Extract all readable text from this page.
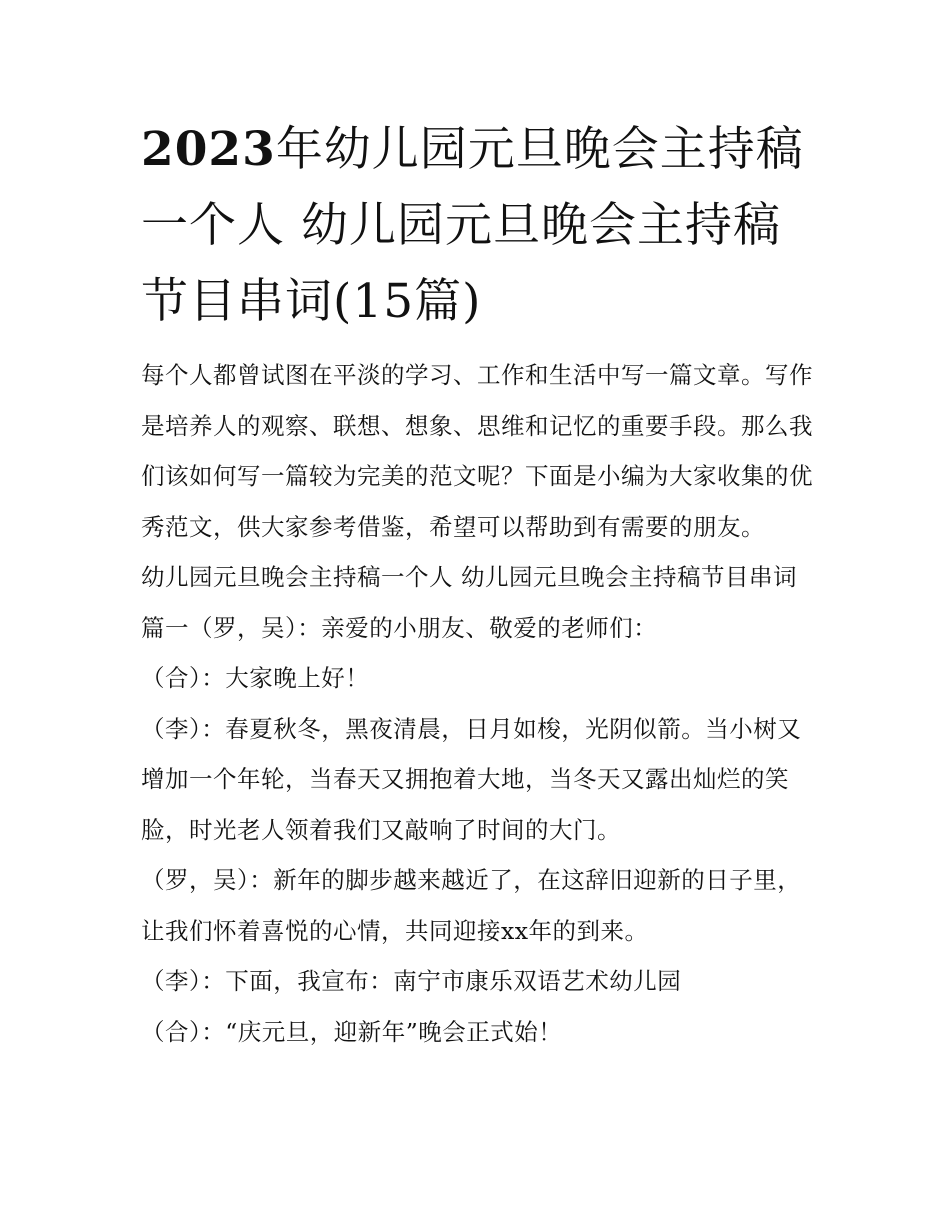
2023年幼儿园元旦晚会主持稿
一个人 幼儿园元旦晚会主持稿
节目串词(15篇)

每个人都曾试图在平淡的学习、工作和生活中写一篇文章。写作是培养人的观察、联想、想象、思维和记忆的重要手段。那么我们该如何写一篇较为完美的范文呢？下面是小编为大家收集的优秀范文，供大家参考借鉴，希望可以帮助到有需要的朋友。

幼儿园元旦晚会主持稿一个人 幼儿园元旦晚会主持稿节目串词篇一（罗，吴）：亲爱的小朋友、敬爱的老师们：

（合）：大家晚上好！

（李）：春夏秋冬，黑夜清晨，日月如梭，光阴似箭。当小树又增加一个年轮，当春天又拥抱着大地，当冬天又露出灿烂的笑脸，时光老人领着我们又敲响了时间的大门。

（罗，吴）：新年的脚步越来越近了，在这辞旧迎新的日子里，让我们怀着喜悦的心情，共同迎接xx年的到来。

（李）：下面，我宣布：南宁市康乐双语艺术幼儿园

（合）：“庆元旦，迎新年”晚会正式始！
